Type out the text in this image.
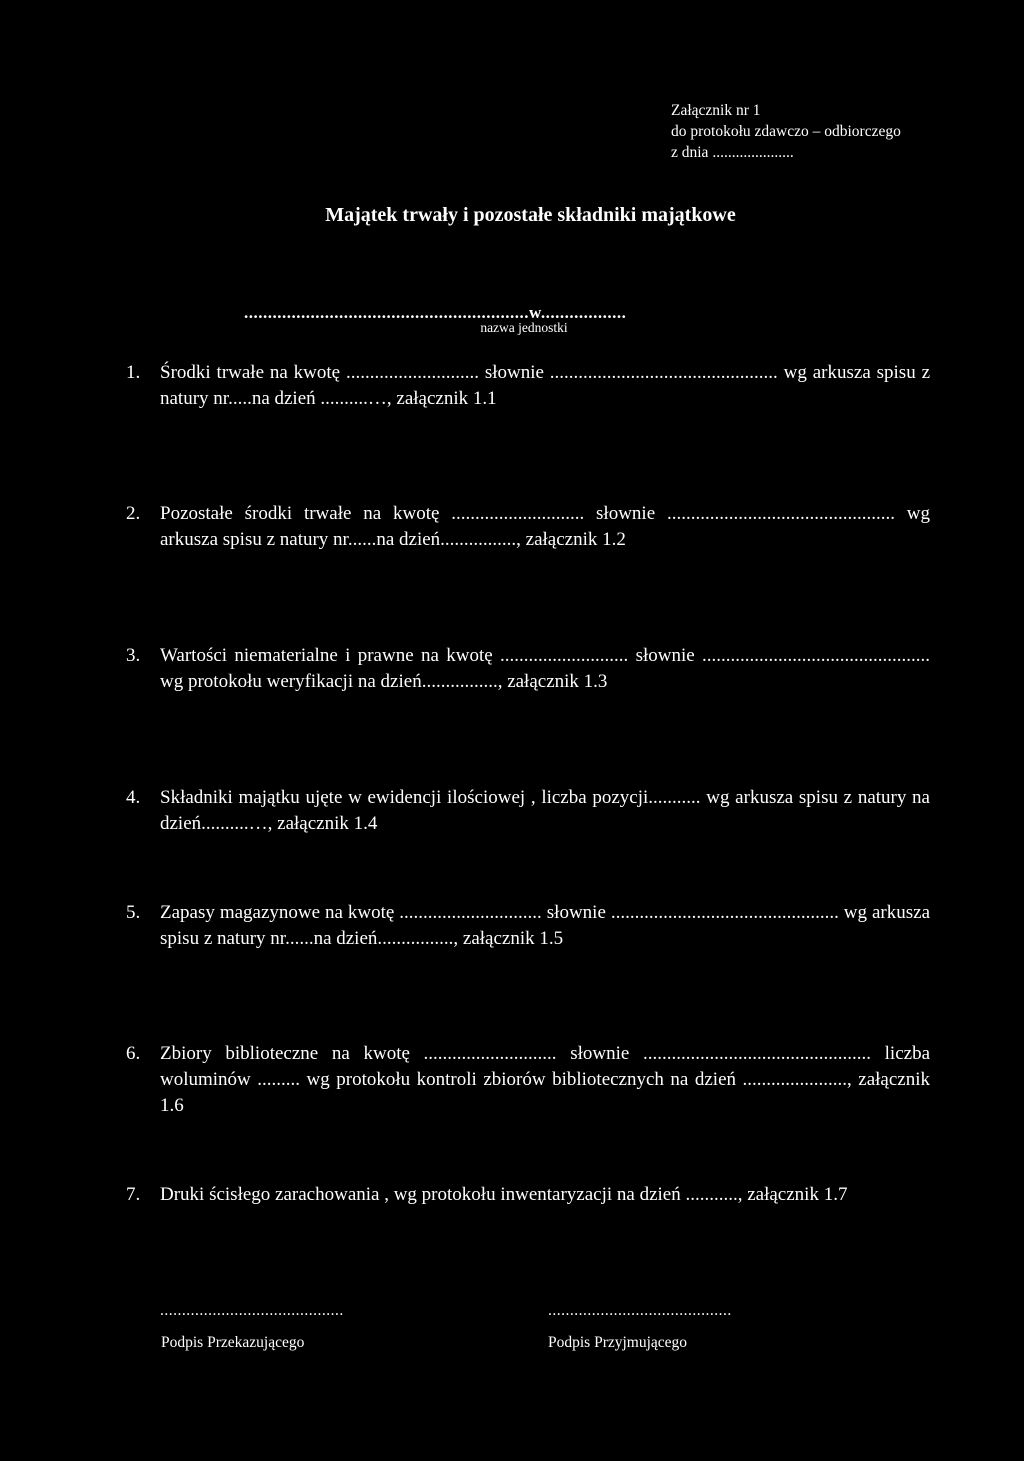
Załącznik nr 1
do protokołu zdawczo – odbiorczego
z dnia .....................
Majątek trwały i pozostałe składniki majątkowe
............................................................w..................
nazwa jednostki
1. Środki trwałe na kwotę ............................ słownie ................................................ wg arkusza spisu z natury nr.....na dzień ..........…, załącznik 1.1
2. Pozostałe środki trwałe na kwotę ............................ słownie ................................................ wg arkusza spisu z natury nr......na dzień................, załącznik 1.2
3. Wartości niematerialne i prawne na kwotę ........................... słownie ................................................ wg protokołu weryfikacji na dzień................, załącznik 1.3
4. Składniki majątku ujęte w ewidencji ilościowej , liczba pozycji........... wg arkusza spisu z natury na dzień..........…, załącznik 1.4
5. Zapasy magazynowe na kwotę .............................. słownie ................................................ wg arkusza spisu z natury nr......na dzień................, załącznik 1.5
6. Zbiory biblioteczne na kwotę ............................ słownie ................................................ liczba woluminów ......... wg protokołu kontroli zbiorów bibliotecznych na dzień ......................, załącznik 1.6
7. Druki ścisłego zarachowania , wg protokołu inwentaryzacji na dzień ..........., załącznik 1.7
..........................................
Podpis Przekazującego
..........................................
Podpis Przyjmującego
